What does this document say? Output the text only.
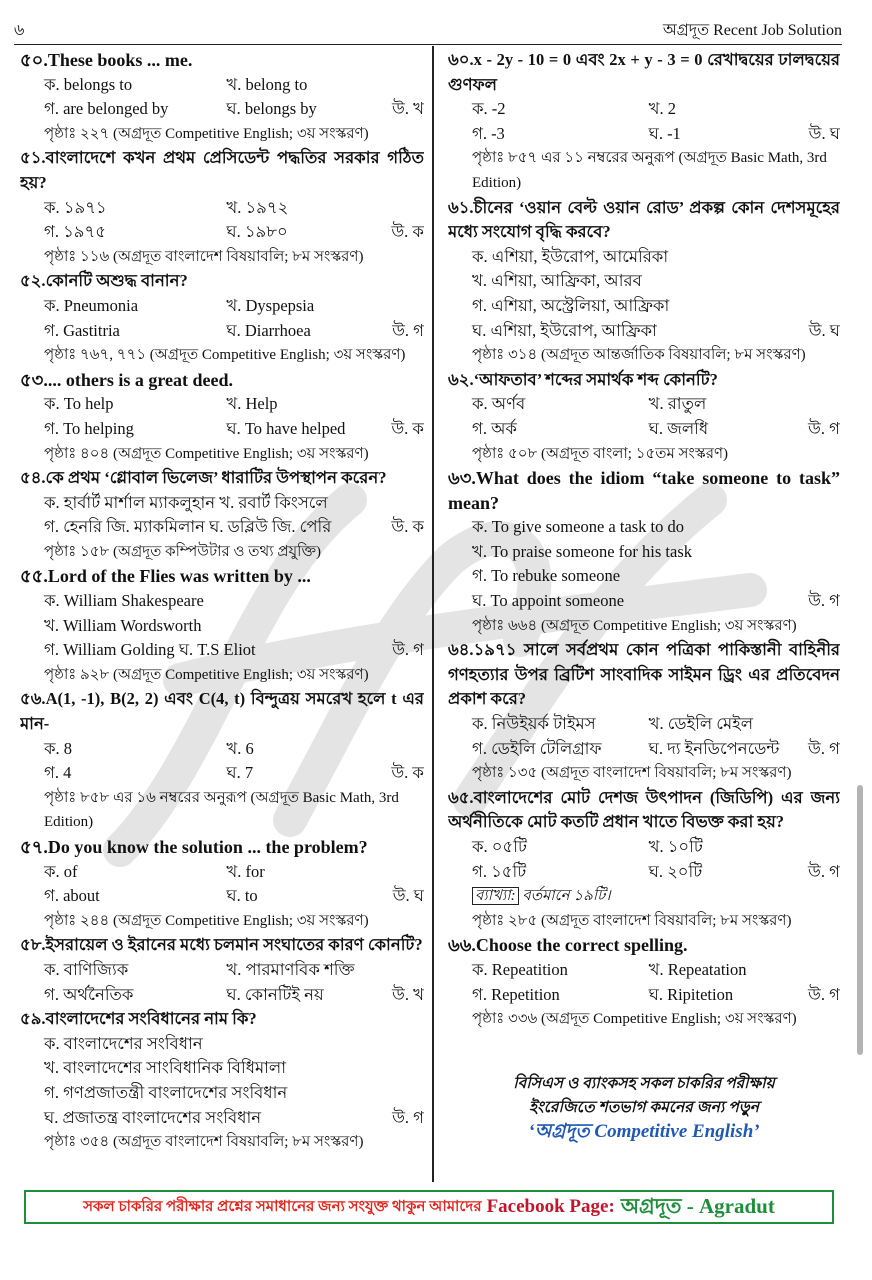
৬	অগ্রদূত Recent Job Solution
৫০.These books ... me.
ক. belongs to	খ. belong to
গ. are belonged by	ঘ. belongs by	উ. খ
পৃষ্ঠাঃ ২২৭ (অগ্রদূত Competitive English; ৩য় সংস্করণ)
৫১.বাংলাদেশে কখন প্রথম প্রেসিডেন্ট পদ্ধতির সরকার গঠিত হয়?
ক. ১৯৭১	খ. ১৯৭২
গ. ১৯৭৫	ঘ. ১৯৮০	উ. ক
পৃষ্ঠাঃ ১১৬ (অগ্রদূত বাংলাদেশ বিষয়াবলি; ৮ম সংস্করণ)
৫২.কোনটি অশুদ্ধ বানান?
ক. Pneumonia	খ. Dyspepsia
গ. Gastitria	ঘ. Diarrhoea	উ. গ
পৃষ্ঠাঃ ৭৬৭, ৭৭১ (অগ্রদূত Competitive English; ৩য় সংস্করণ)
৫৩.... others is a great deed.
ক. To help	খ. Help
গ. To helping	ঘ. To have helped	উ. ক
পৃষ্ঠাঃ ৪০৪ (অগ্রদূত Competitive English; ৩য় সংস্করণ)
৫৪.কে প্রথম ‘গ্লোবাল ভিলেজ’ ধারাটির উপস্থাপন করেন?
ক. হার্বার্ট মার্শাল ম্যাকলুহান খ. রবার্ট কিংসলে
গ. হেনরি জি. ম্যাকমিলান ঘ. ডব্লিউ জি. পেরি	উ. ক
পৃষ্ঠাঃ ১৫৮ (অগ্রদূত কম্পিউটার ও তথ্য প্রযুক্তি)
৫৫.Lord of the Flies was written by ...
ক. William Shakespeare
খ. William Wordsworth
গ. William Golding ঘ. T.S Eliot	উ. গ
পৃষ্ঠাঃ ৯২৮ (অগ্রদূত Competitive English; ৩য় সংস্করণ)
৫৬.A(1, -1), B(2, 2) এবং C(4, t) বিন্দুত্রয় সমরেখ হলে t এর মান-
ক. 8	খ. 6
গ. 4	ঘ. 7	উ. ক
পৃষ্ঠাঃ ৮৫৮ এর ১৬ নম্বরের অনুরূপ (অগ্রদূত Basic Math, 3rd Edition)
৫৭.Do you know the solution ... the problem?
ক. of	খ. for
গ. about	ঘ. to	উ. ঘ
পৃষ্ঠাঃ ২৪৪ (অগ্রদূত Competitive English; ৩য় সংস্করণ)
৫৮.ইসরায়েল ও ইরানের মধ্যে চলমান সংঘাতের কারণ কোনটি?
ক. বাণিজ্যিক	খ. পারমাণবিক শক্তি
গ. অর্থনৈতিক	ঘ. কোনটিই নয়	উ. খ
৫৯.বাংলাদেশের সংবিধানের নাম কি?
ক. বাংলাদেশের সংবিধান
খ. বাংলাদেশের সাংবিধানিক বিধিমালা
গ. গণপ্রজাতন্ত্রী বাংলাদেশের সংবিধান
ঘ. প্রজাতন্ত্র বাংলাদেশের সংবিধান	উ. গ
পৃষ্ঠাঃ ৩৫৪ (অগ্রদূত বাংলাদেশ বিষয়াবলি; ৮ম সংস্করণ)
৬০.x - 2y - 10 = 0 এবং 2x + y - 3 = 0 রেখাদ্বয়ের ঢালদ্বয়ের গুণফল
ক. -2	খ. 2
গ. -3	ঘ. -1	উ. ঘ
পৃষ্ঠাঃ ৮৫৭ এর ১১ নম্বরের অনুরূপ (অগ্রদূত Basic Math, 3rd Edition)
৬১.চীনের ‘ওয়ান বেল্ট ওয়ান রোড’ প্রকল্প কোন দেশসমূহের মধ্যে সংযোগ বৃদ্ধি করবে?
ক. এশিয়া, ইউরোপ, আমেরিকা
খ. এশিয়া, আফ্রিকা, আরব
গ. এশিয়া, অস্ট্রেলিয়া, আফ্রিকা
ঘ. এশিয়া, ইউরোপ, আফ্রিকা	উ. ঘ
পৃষ্ঠাঃ ৩১৪ (অগ্রদূত আন্তর্জাতিক বিষয়াবলি; ৮ম সংস্করণ)
৬২.‘আফতাব’ শব্দের সমার্থক শব্দ কোনটি?
ক. অর্ণব	খ. রাতুল
গ. অর্ক	ঘ. জলধি	উ. গ
পৃষ্ঠাঃ ৫০৮ (অগ্রদূত বাংলা; ১৫তম সংস্করণ)
৬৩.What does the idiom “take someone to task” mean?
ক. To give someone a task to do
খ. To praise someone for his task
গ. To rebuke someone
ঘ. To appoint someone	উ. গ
পৃষ্ঠাঃ ৬৬৪ (অগ্রদূত Competitive English; ৩য় সংস্করণ)
৬৪.১৯৭১ সালে সর্বপ্রথম কোন পত্রিকা পাকিস্তানী বাহিনীর গণহত্যার উপর ব্রিটিশ সাংবাদিক সাইমন ড্রিং এর প্রতিবেদন প্রকাশ করে?
ক. নিউইয়র্ক টাইমস	খ. ডেইলি মেইল
গ. ডেইলি টেলিগ্রাফ	ঘ. দ্য ইনডিপেনডেন্ট	উ. গ
পৃষ্ঠাঃ ১৩৫ (অগ্রদূত বাংলাদেশ বিষয়াবলি; ৮ম সংস্করণ)
৬৫.বাংলাদেশের মোট দেশজ উৎপাদন (জিডিপি) এর জন্য অর্থনীতিকে মোট কতটি প্রধান খাতে বিভক্ত করা হয়?
ক. ০৫টি	খ. ১০টি
গ. ১৫টি	ঘ. ২০টি	উ. গ
ব্যাখ্যা: বর্তমানে ১৯টি।
পৃষ্ঠাঃ ২৮৫ (অগ্রদূত বাংলাদেশ বিষয়াবলি; ৮ম সংস্করণ)
৬৬.Choose the correct spelling.
ক. Repeatition	খ. Repeatation
গ. Repetition	ঘ. Ripitetion	উ. গ
পৃষ্ঠাঃ ৩৩৬ (অগ্রদূত Competitive English; ৩য় সংস্করণ)
বিসিএস ও ব্যাংকসহ সকল চাকরির পরীক্ষায়
ইংরেজিতে শতভাগ কমনের জন্য পড়ুন
‘অগ্রদূত Competitive English’
সকল চাকরির পরীক্ষার প্রশ্নের সমাধানের জন্য সংযুক্ত থাকুন আমাদের Facebook Page: অগ্রদূত - Agradut
